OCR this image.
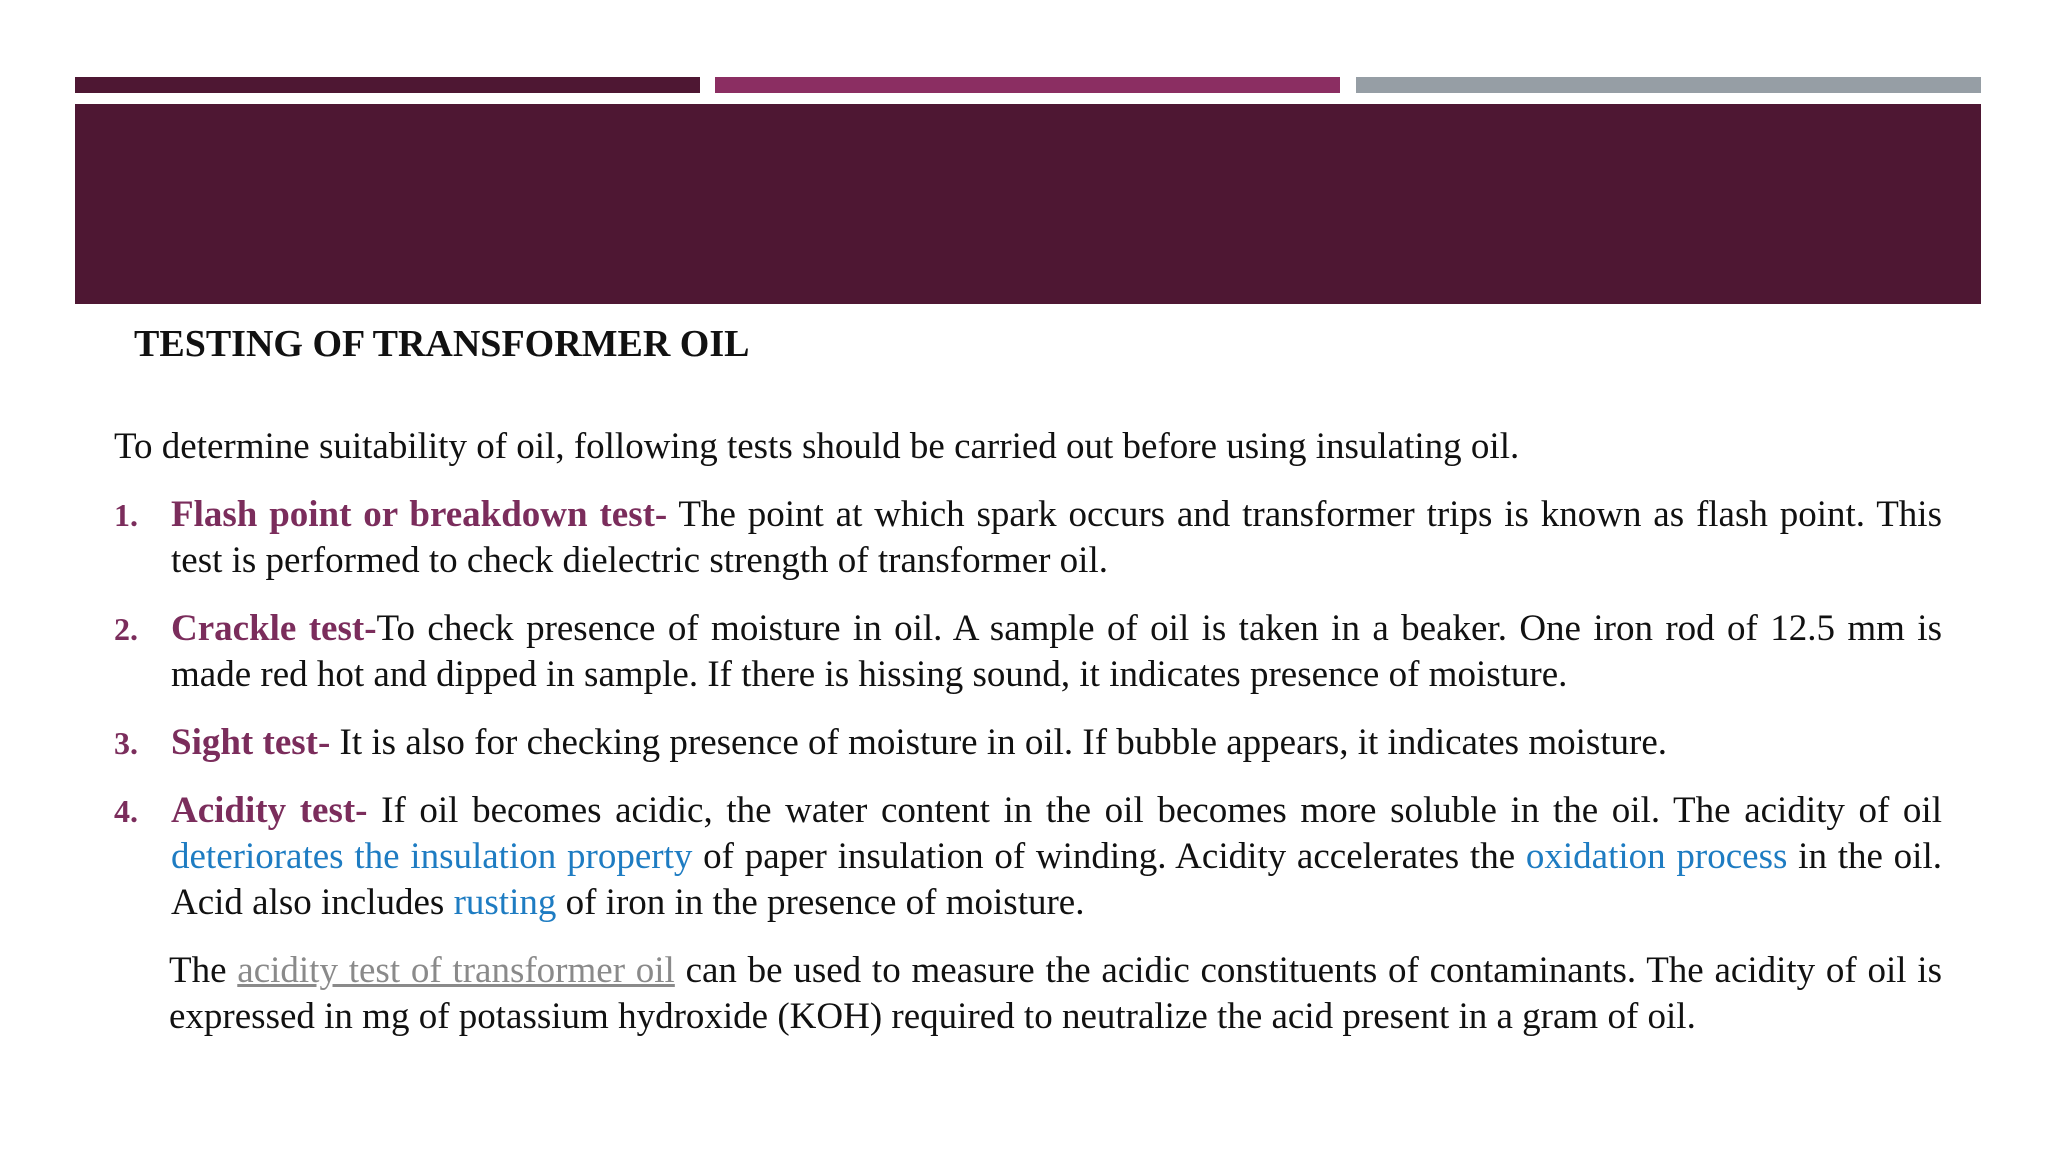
TESTING OF TRANSFORMER OIL

To determine suitability of oil, following tests should be carried out before using insulating oil.

1. Flash point or breakdown test- The point at which spark occurs and transformer trips is known as flash point. This test is performed to check dielectric strength of transformer oil.

2. Crackle test-To check presence of moisture in oil. A sample of oil is taken in a beaker. One iron rod of 12.5 mm is made red hot and dipped in sample. If there is hissing sound, it indicates presence of moisture.

3. Sight test- It is also for checking presence of moisture in oil. If bubble appears, it indicates moisture.

4. Acidity test- If oil becomes acidic, the water content in the oil becomes more soluble in the oil. The acidity of oil deteriorates the insulation property of paper insulation of winding. Acidity accelerates the oxidation process in the oil. Acid also includes rusting of iron in the presence of moisture.

The acidity test of transformer oil can be used to measure the acidic constituents of contaminants. The acidity of oil is expressed in mg of potassium hydroxide (KOH) required to neutralize the acid present in a gram of oil.
